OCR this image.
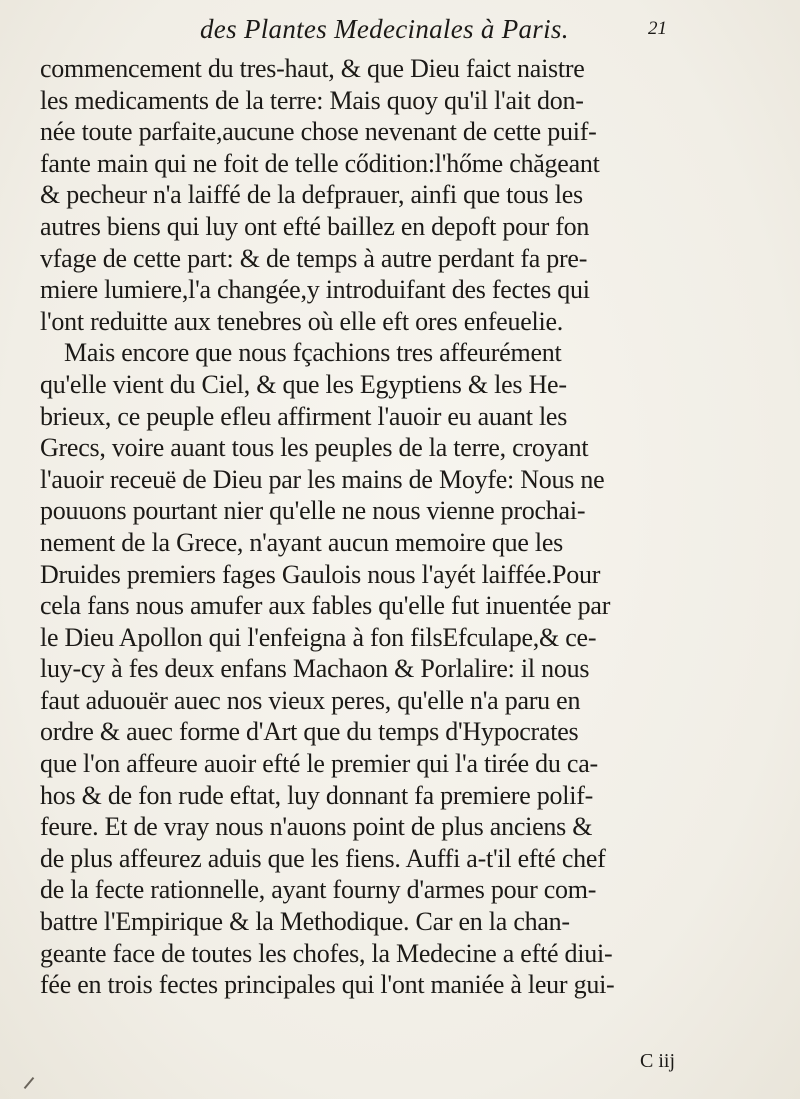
des Plantes Medecinales à Paris.	21
commencement du tres-haut, & que Dieu faict naistre
les medicaments de la terre: Mais quoy qu'il l'ait don-
née toute parfaite,aucune chose nevenant de cette puif-
fante main qui ne foit de telle cődition:l'hőme chăgeant
& pecheur n'a laiffé de la defprauer, ainfi que tous les
autres biens qui luy ont efté baillez en depoft pour fon
vfage de cette part: & de temps à autre perdant fa pre-
miere lumiere,l'a changée,y introduifant des fectes qui
l'ont reduitte aux tenebres où elle eft ores enfeuelie.
Mais encore que nous fçachions tres affeurément
qu'elle vient du Ciel, & que les Egyptiens & les He-
brieux, ce peuple efleu affirment l'auoir eu auant les
Grecs, voire auant tous les peuples de la terre, croyant
l'auoir receuë de Dieu par les mains de Moyfe: Nous ne
pouuons pourtant nier qu'elle ne nous vienne prochai-
nement de la Grece, n'ayant aucun memoire que les
Druides premiers fages Gaulois nous l'ayét laiffée.Pour
cela fans nous amufer aux fables qu'elle fut inuentée par
le Dieu Apollon qui l'enfeigna à fon filsEfculape,& ce-
luy-cy à fes deux enfans Machaon & Porlalire: il nous
faut aduouër auec nos vieux peres, qu'elle n'a paru en
ordre & auec forme d'Art que du temps d'Hypocrates
que l'on affeure auoir efté le premier qui l'a tirée du ca-
hos & de fon rude eftat, luy donnant fa premiere polif-
feure. Et de vray nous n'auons point de plus anciens &
de plus affeurez aduis que les fiens. Auffi a-t'il efté chef
de la fecte rationnelle, ayant fourny d'armes pour com-
battre l'Empirique & la Methodique. Car en la chan-
geante face de toutes les chofes, la Medecine a efté diui-
fée en trois fectes principales qui l'ont maniée à leur gui-
C iij
